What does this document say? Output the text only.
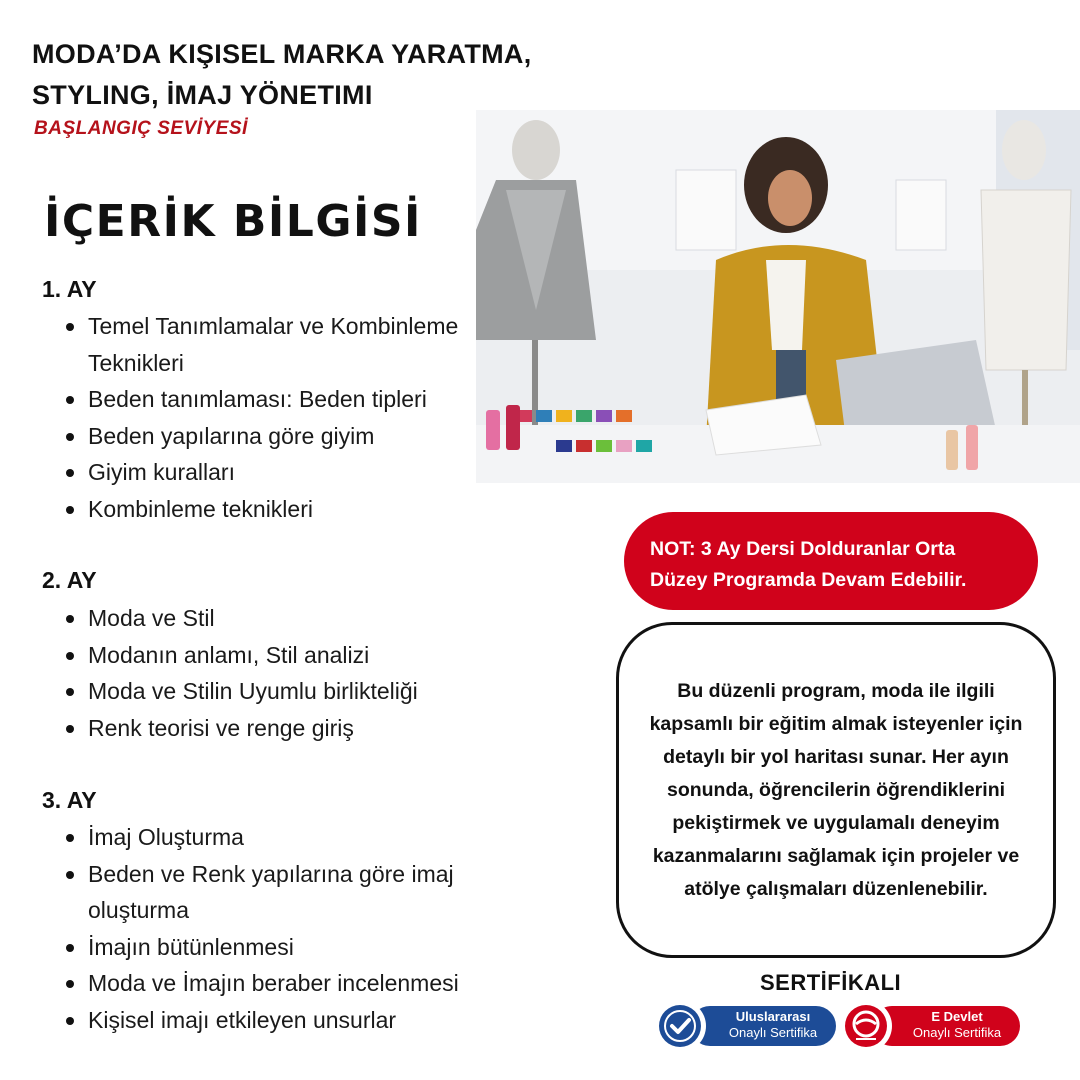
MODA’DA KIŞISEL MARKA YARATMA,
STYLING, İMAJ YÖNETIMI
BAŞLANGIÇ SEVİYESİ
İÇERİK BİLGİSİ
1. AY
Temel Tanımlamalar ve Kombinleme Teknikleri
Beden tanımlaması: Beden tipleri
Beden yapılarına göre giyim
Giyim kuralları
Kombinleme teknikleri
2. AY
Moda ve Stil
Modanın anlamı, Stil analizi
Moda ve Stilin Uyumlu birlikteliği
Renk teorisi ve renge giriş
3. AY
İmaj Oluşturma
Beden ve Renk yapılarına göre imaj oluşturma
İmajın bütünlenmesi
Moda ve İmajın beraber incelenmesi
Kişisel imajı etkileyen unsurlar
NOT: 3 Ay Dersi Dolduranlar Orta Düzey Programda Devam Edebilir.

Bu düzenli program, moda ile ilgili kapsamlı bir eğitim almak isteyenler için detaylı bir yol haritası sunar. Her ayın sonunda, öğrencilerin öğrendiklerini pekiştirmek ve uygulamalı deneyim kazanmalarını sağlamak için projeler ve atölye çalışmaları düzenlenebilir.

SERTİFİKALI
Uluslararası
Onaylı Sertifika
E Devlet
Onaylı Sertifika
